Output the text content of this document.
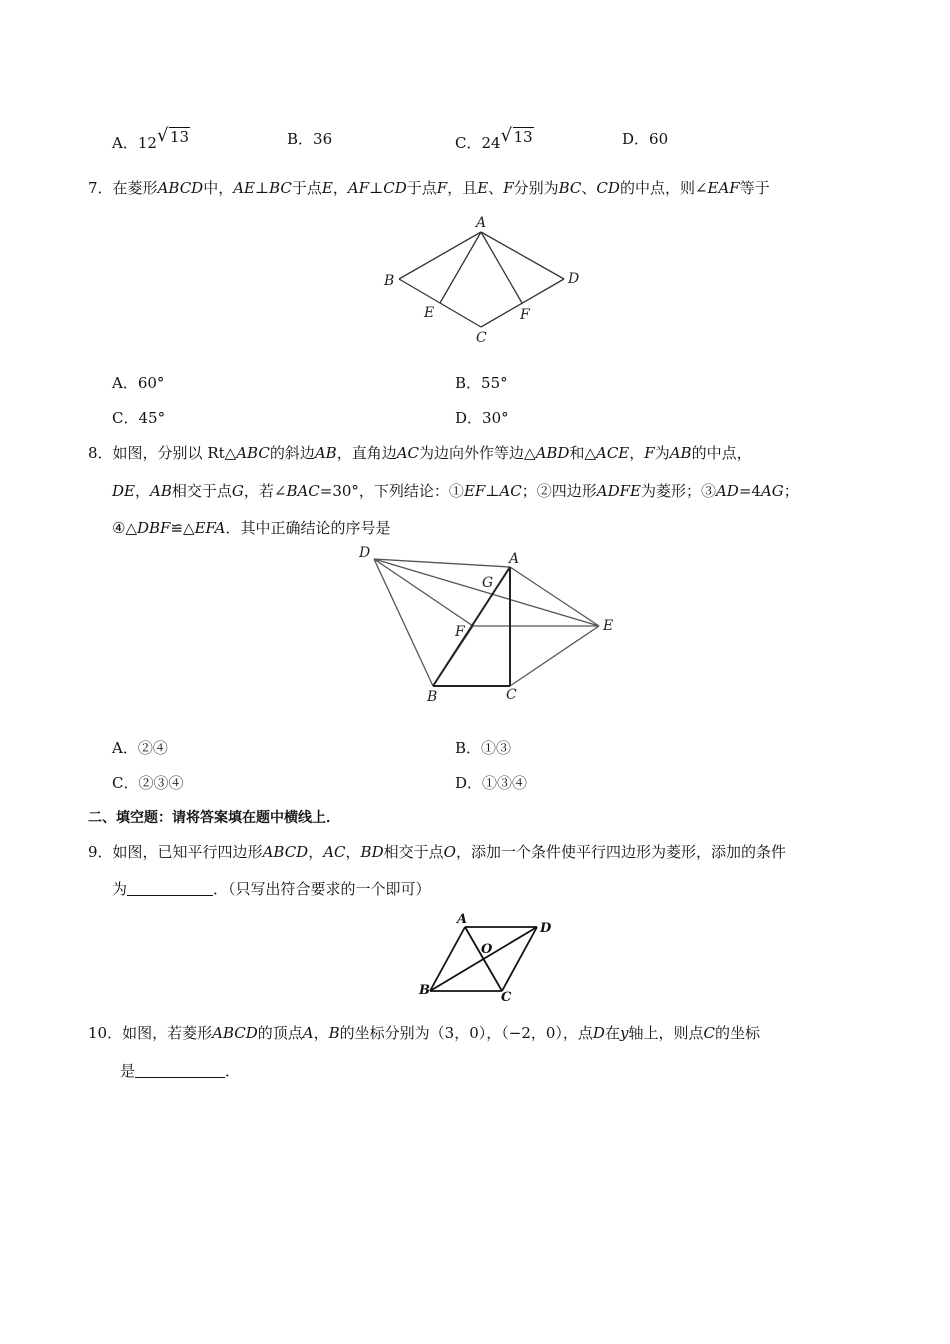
A．12 √ 13	B．36	C．24 √ 13	D．60
7．在菱形ABCD中，AE⊥BC于点E，AF⊥CD于点F，且E、F分别为BC、CD的中点，则∠EAF等于
A
B
C
D
E	F
A．60°	B．55°
C．45°	D．30°
8．如图，分别以 Rt△ABC的斜边AB，直角边AC为边向外作等边△ABD和△ACE，F为AB的中点，
DE，AB相交于点G，若∠BAC=30°，下列结论：①EF⊥AC；②四边形ADFE为菱形；③AD=4AG；
④△DBF≌△EFA．其中正确结论的序号是
D	A
G
F	E
B	C
A．②④	B．①③
C．②③④	D．①③④
二、填空题：请将答案填在题中横线上．
9．如图，已知平行四边形ABCD，AC，BD相交于点O，添加一个条件使平行四边形为菱形，添加的条件
为	．（只写出符合要求的一个即可）
A
D
O
B	C
10．如图，若菱形ABCD的顶点A，B的坐标分别为（3，0），（−2，0），点D在y轴上，则点C的坐标
是	．
